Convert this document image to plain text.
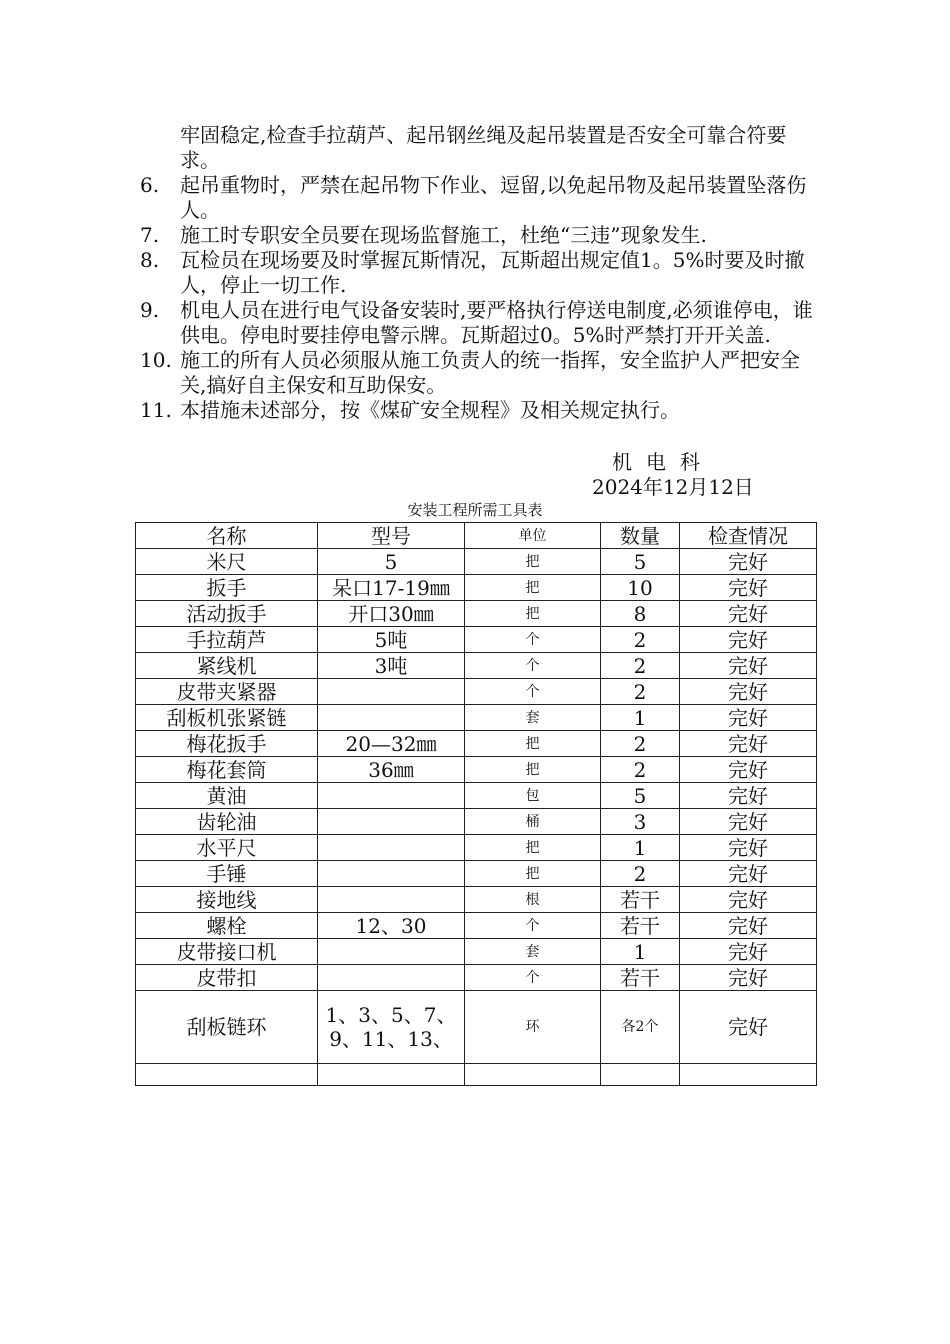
牢固稳定,检查手拉葫芦、起吊钢丝绳及起吊装置是否安全可靠合符要求。
6.	起吊重物时，严禁在起吊物下作业、逗留,以免起吊物及起吊装置坠落伤人。
7.	施工时专职安全员要在现场监督施工，杜绝“三违”现象发生.
8.	瓦检员在现场要及时掌握瓦斯情况，瓦斯超出规定值1。5%时要及时撤人，停止一切工作.
9.	机电人员在进行电气设备安装时,要严格执行停送电制度,必须谁停电，谁供电。停电时要挂停电警示牌。瓦斯超过0。5%时严禁打开开关盖.
10. 施工的所有人员必须服从施工负责人的统一指挥，安全监护人严把安全关,搞好自主保安和互助保安。
11. 本措施未述部分，按《煤矿安全规程》及相关规定执行。
机电科
2024年12月12日
安装工程所需工具表
名称	型号	单位	数量	检查情况
米尺	5	把	5	完好
扳手	呆口17-19㎜	把	10	完好
活动扳手	开口30㎜	把	8	完好
手拉葫芦	5吨	个	2	完好
紧线机	3吨	个	2	完好
皮带夹紧器		个	2	完好
刮板机张紧链		套	1	完好
梅花扳手	20—32㎜	把	2	完好
梅花套筒	36㎜	把	2	完好
黄油		包	5	完好
齿轮油		桶	3	完好
水平尺		把	1	完好
手锤		把	2	完好
接地线		根	若干	完好
螺栓	12、30	个	若干	完好
皮带接口机		套	1	完好
皮带扣		个	若干	完好
刮板链环	1、3、5、7、9、11、13、	环	各2个	完好
